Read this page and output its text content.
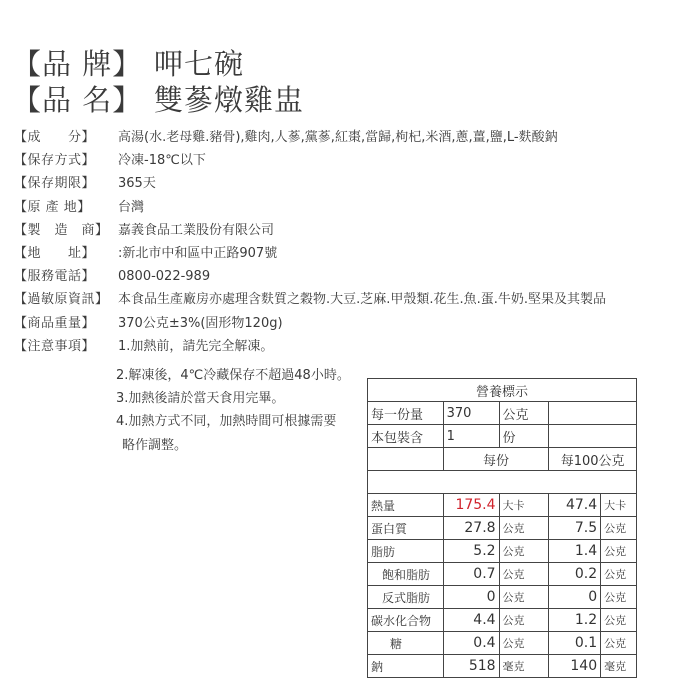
【品 牌】 呷七碗
【品 名】 雙蔘燉雞盅
【成　　分】 高湯(水.老母雞.豬骨),雞肉,人蔘,黨蔘,紅棗,當歸,枸杞,米酒,蔥,薑,鹽,L-麩酸鈉
【保存方式】 冷凍-18℃以下
【保存期限】 365天
【原 產 地】 台灣
【製　造　商】 嘉義食品工業股份有限公司
【地　　址】 :新北市中和區中正路907號
【服務電話】 0800-022-989
【過敏原資訊】 本食品生產廠房亦處理含麩質之穀物.大豆.芝麻.甲殼類.花生.魚.蛋.牛奶.堅果及其製品
【商品重量】 370公克±3%(固形物120g)
【注意事項】 1.加熱前，請先完全解凍。
2.解凍後，4℃冷藏保存不超過48小時。
3.加熱後請於當天食用完畢。
4.加熱方式不同，加熱時間可根據需要
略作調整。
營養標示				
每一份量	370	公克		
本包裝含	1	份		
	每份		每100公克	

熱量	175.4	大卡	47.4	大卡
蛋白質	27.8	公克	7.5	公克
脂肪	5.2	公克	1.4	公克
飽和脂肪	0.7	公克	0.2	公克
反式脂肪	0	公克	0	公克
碳水化合物	4.4	公克	1.2	公克
糖	0.4	公克	0.1	公克
鈉	518	毫克	140	毫克
